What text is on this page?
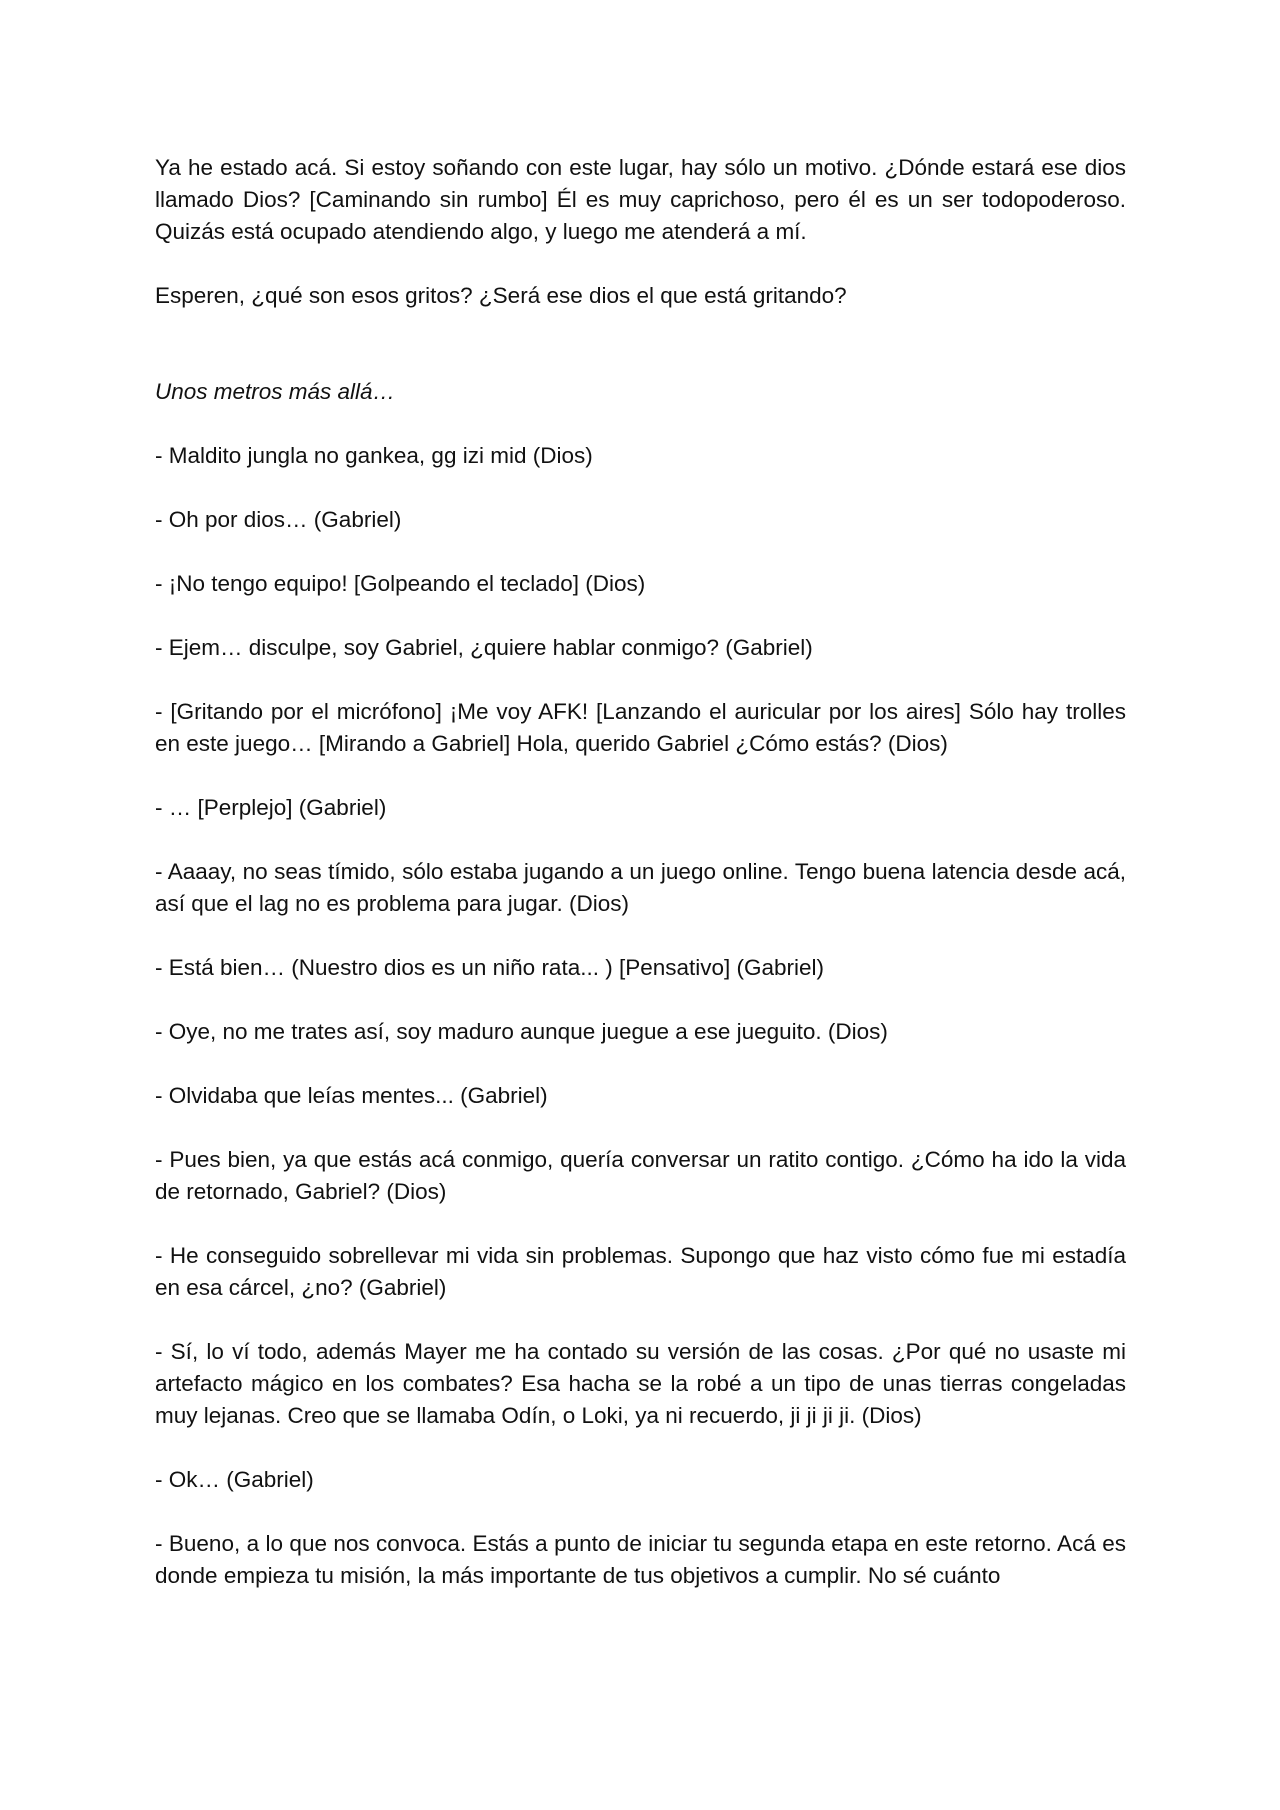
Ya he estado acá. Si estoy soñando con este lugar, hay sólo un motivo. ¿Dónde estará ese dios llamado Dios? [Caminando sin rumbo] Él es muy caprichoso, pero él es un ser todopoderoso. Quizás está ocupado atendiendo algo, y luego me atenderá a mí.

Esperen, ¿qué son esos gritos? ¿Será ese dios el que está gritando?

Unos metros más allá…

- Maldito jungla no gankea, gg izi mid (Dios)

- Oh por dios… (Gabriel)

- ¡No tengo equipo! [Golpeando el teclado] (Dios)

- Ejem… disculpe, soy Gabriel, ¿quiere hablar conmigo? (Gabriel)

- [Gritando por el micrófono] ¡Me voy AFK! [Lanzando el auricular por los aires] Sólo hay trolles en este juego… [Mirando a Gabriel] Hola, querido Gabriel ¿Cómo estás? (Dios)

- … [Perplejo] (Gabriel)

- Aaaay, no seas tímido, sólo estaba jugando a un juego online. Tengo buena latencia desde acá, así que el lag no es problema para jugar. (Dios)

- Está bien… (Nuestro dios es un niño rata... ) [Pensativo] (Gabriel)

- Oye, no me trates así, soy maduro aunque juegue a ese jueguito. (Dios)

- Olvidaba que leías mentes... (Gabriel)

- Pues bien, ya que estás acá conmigo, quería conversar un ratito contigo. ¿Cómo ha ido la vida de retornado, Gabriel? (Dios)

- He conseguido sobrellevar mi vida sin problemas. Supongo que haz visto cómo fue mi estadía en esa cárcel, ¿no? (Gabriel)

- Sí, lo ví todo, además Mayer me ha contado su versión de las cosas. ¿Por qué no usaste mi artefacto mágico en los combates? Esa hacha se la robé a un tipo de unas tierras congeladas muy lejanas. Creo que se llamaba Odín, o Loki, ya ni recuerdo, ji ji ji ji. (Dios)

- Ok… (Gabriel)

- Bueno, a lo que nos convoca. Estás a punto de iniciar tu segunda etapa en este retorno. Acá es donde empieza tu misión, la más importante de tus objetivos a cumplir. No sé cuánto
